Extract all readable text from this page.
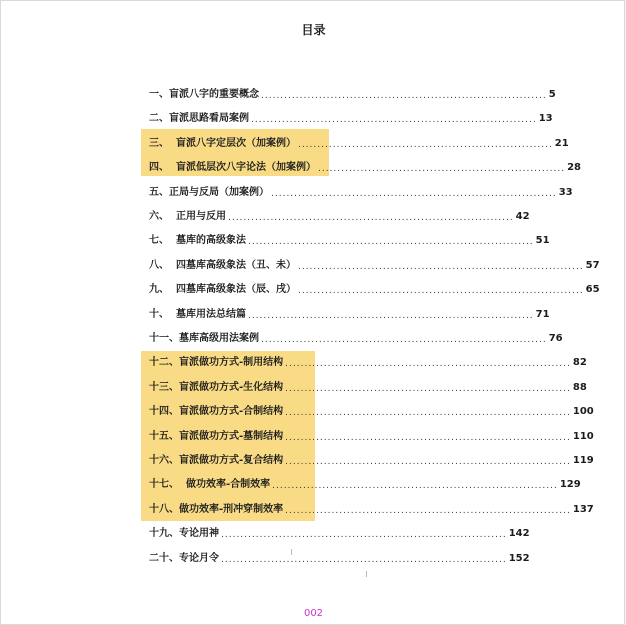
目录
一、 盲派八字的重要概念 .......................................................................... 5
二、 盲派思路看局案例 .......................................................................... 13
三、 盲派八字定层次（加案例） .................................................................. 21
四、 盲派低层次八字论法（加案例） ................................................................ 28
五、 正局与反局（加案例） .......................................................................... 33
六、 正用与反用 .......................................................................... 42
七、 墓库的高级象法 .......................................................................... 51
八、 四墓库高级象法（丑、未） .......................................................................... 57
九、 四墓库高级象法（辰、戌） .......................................................................... 65
十、 墓库用法总结篇 .......................................................................... 71
十一、 墓库高级用法案例 .......................................................................... 76
十二、 盲派做功方式-制用结构 .......................................................................... 82
十三、 盲派做功方式-生化结构 .......................................................................... 88
十四、 盲派做功方式-合制结构 .......................................................................... 100
十五、 盲派做功方式-墓制结构 .......................................................................... 110
十六、 盲派做功方式-复合结构 .......................................................................... 119
十七、 做功效率-合制效率 .......................................................................... 129
十八、 做功效率-刑冲穿制效率 .......................................................................... 137
十九、 专论用神 .......................................................................... 142
二十、 专论月令 .......................................................................... 152
002
